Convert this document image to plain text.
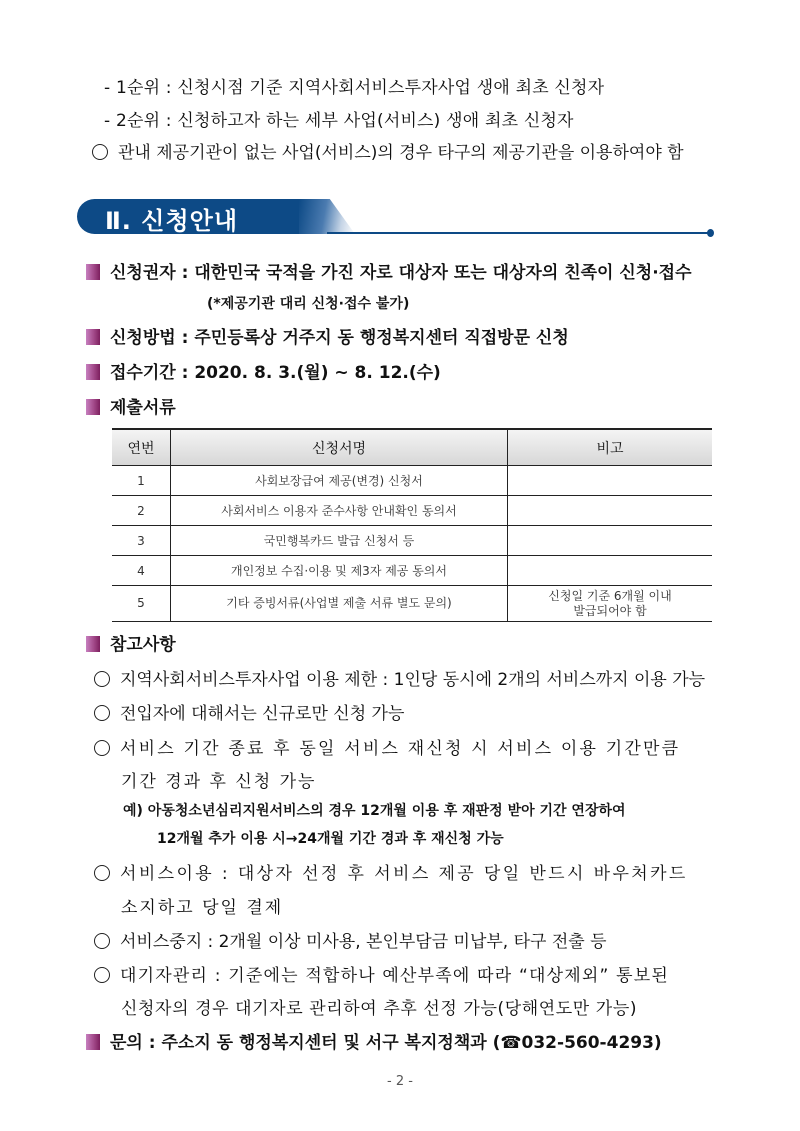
- 1순위 : 신청시점 기준 지역사회서비스투자사업 생애 최초 신청자
- 2순위 : 신청하고자 하는 세부 사업(서비스) 생애 최초 신청자
관내 제공기관이 없는 사업(서비스)의 경우 타구의 제공기관을 이용하여야 함
Ⅱ. 신청안내
신청권자 : 대한민국 국적을 가진 자로 대상자 또는 대상자의 친족이 신청·접수
(*제공기관 대리 신청·접수 불가)
신청방법 : 주민등록상 거주지 동 행정복지센터 직접방문 신청
접수기간 : 2020. 8. 3.(월) ~ 8. 12.(수)
제출서류
연번	신청서명	비고
1	사회보장급여 제공(변경) 신청서	
2	사회서비스 이용자 준수사항 안내확인 동의서	
3	국민행복카드 발급 신청서 등	
4	개인정보 수집·이용 및 제3자 제공 동의서	
5	기타 증빙서류(사업별 제출 서류 별도 문의)	신청일 기준 6개월 이내
발급되어야 함
참고사항
지역사회서비스투자사업 이용 제한 : 1인당 동시에 2개의 서비스까지 이용 가능
전입자에 대해서는 신규로만 신청 가능
서비스 기간 종료 후 동일 서비스 재신청 시 서비스 이용 기간만큼
기간 경과 후 신청 가능
예) 아동청소년심리지원서비스의 경우 12개월 이용 후 재판정 받아 기간 연장하여
12개월 추가 이용 시→24개월 기간 경과 후 재신청 가능
서비스이용 : 대상자 선정 후 서비스 제공 당일 반드시 바우처카드
소지하고 당일 결제
서비스중지 : 2개월 이상 미사용, 본인부담금 미납부, 타구 전출 등
대기자관리 : 기준에는 적합하나 예산부족에 따라 “대상제외” 통보된
신청자의 경우 대기자로 관리하여 추후 선정 가능(당해연도만 가능)
문의 : 주소지 동 행정복지센터 및 서구 복지정책과 (☎032-560-4293)
- 2 -
